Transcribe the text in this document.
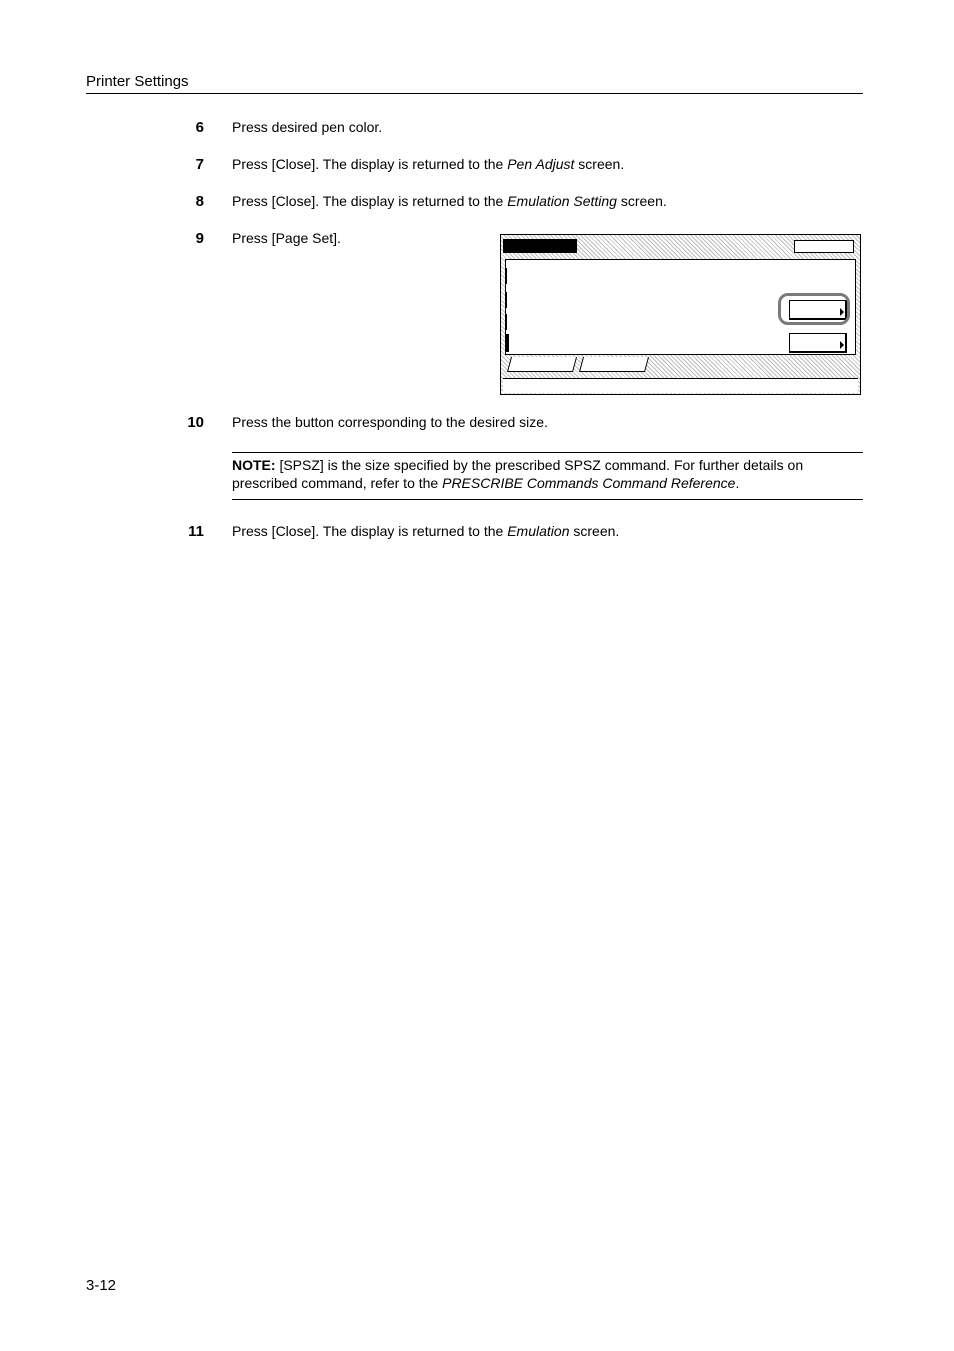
Printer Settings
6 Press desired pen color.
7 Press [Close]. The display is returned to the Pen Adjust screen.
8 Press [Close]. The display is returned to the Emulation Setting screen.
9 Press [Page Set].
10 Press the button corresponding to the desired size.
NOTE: [SPSZ] is the size specified by the prescribed SPSZ command. For further details on prescribed command, refer to the PRESCRIBE Commands Command Reference.
11 Press [Close]. The display is returned to the Emulation screen.
3-12
